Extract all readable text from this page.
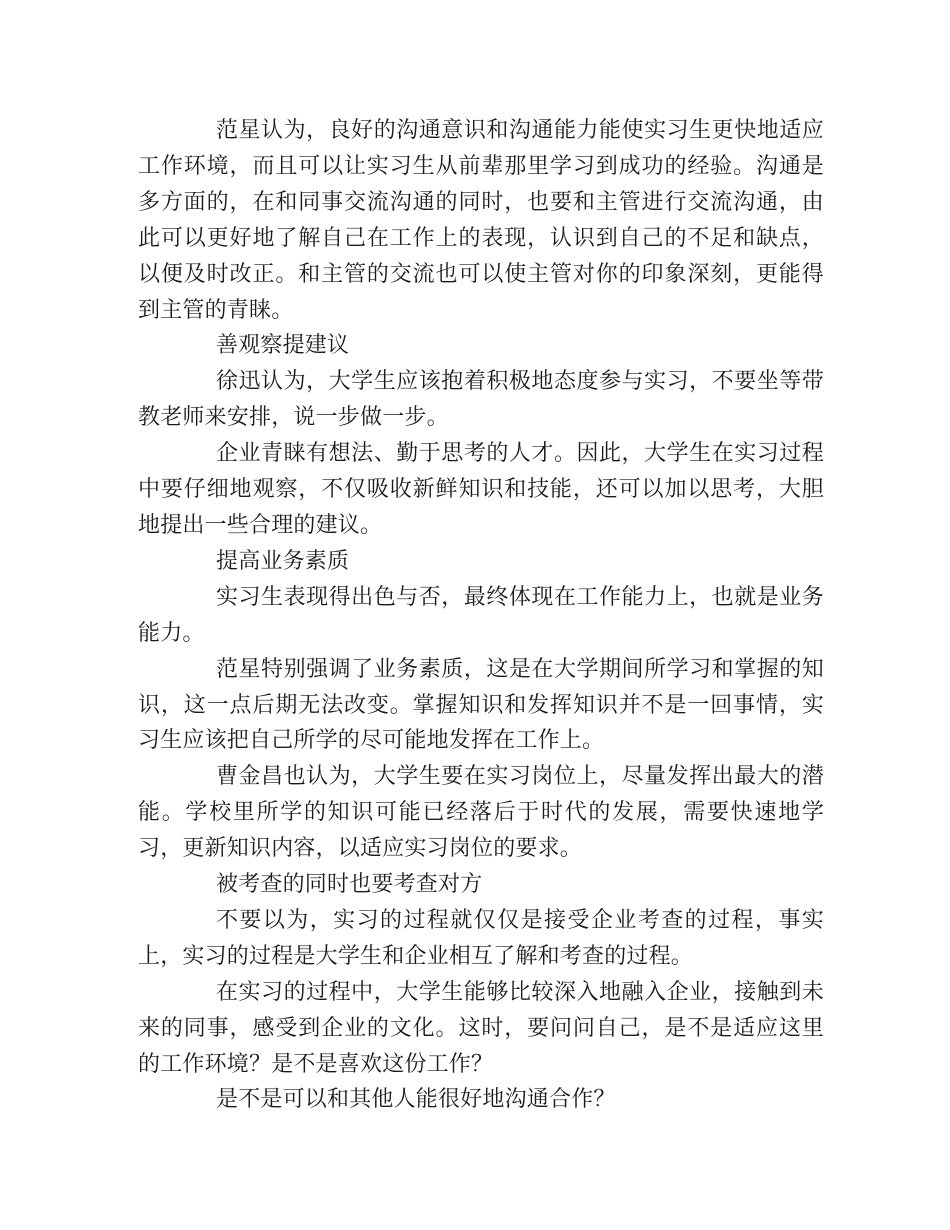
范星认为，良好的沟通意识和沟通能力能使实习生更快地适应工作环境，而且可以让实习生从前辈那里学习到成功的经验。沟通是多方面的，在和同事交流沟通的同时，也要和主管进行交流沟通，由此可以更好地了解自己在工作上的表现，认识到自己的不足和缺点，以便及时改正。和主管的交流也可以使主管对你的印象深刻，更能得到主管的青睐。

善观察提建议

徐迅认为，大学生应该抱着积极地态度参与实习，不要坐等带教老师来安排，说一步做一步。

企业青睐有想法、勤于思考的人才。因此，大学生在实习过程中要仔细地观察，不仅吸收新鲜知识和技能，还可以加以思考，大胆地提出一些合理的建议。

提高业务素质

实习生表现得出色与否，最终体现在工作能力上，也就是业务能力。

范星特别强调了业务素质，这是在大学期间所学习和掌握的知识，这一点后期无法改变。掌握知识和发挥知识并不是一回事情，实习生应该把自己所学的尽可能地发挥在工作上。

曹金昌也认为，大学生要在实习岗位上，尽量发挥出最大的潜能。学校里所学的知识可能已经落后于时代的发展，需要快速地学习，更新知识内容，以适应实习岗位的要求。

被考查的同时也要考查对方

不要以为，实习的过程就仅仅是接受企业考查的过程，事实上，实习的过程是大学生和企业相互了解和考查的过程。

在实习的过程中，大学生能够比较深入地融入企业，接触到未来的同事，感受到企业的文化。这时，要问问自己，是不是适应这里的工作环境？是不是喜欢这份工作？

是不是可以和其他人能很好地沟通合作？
